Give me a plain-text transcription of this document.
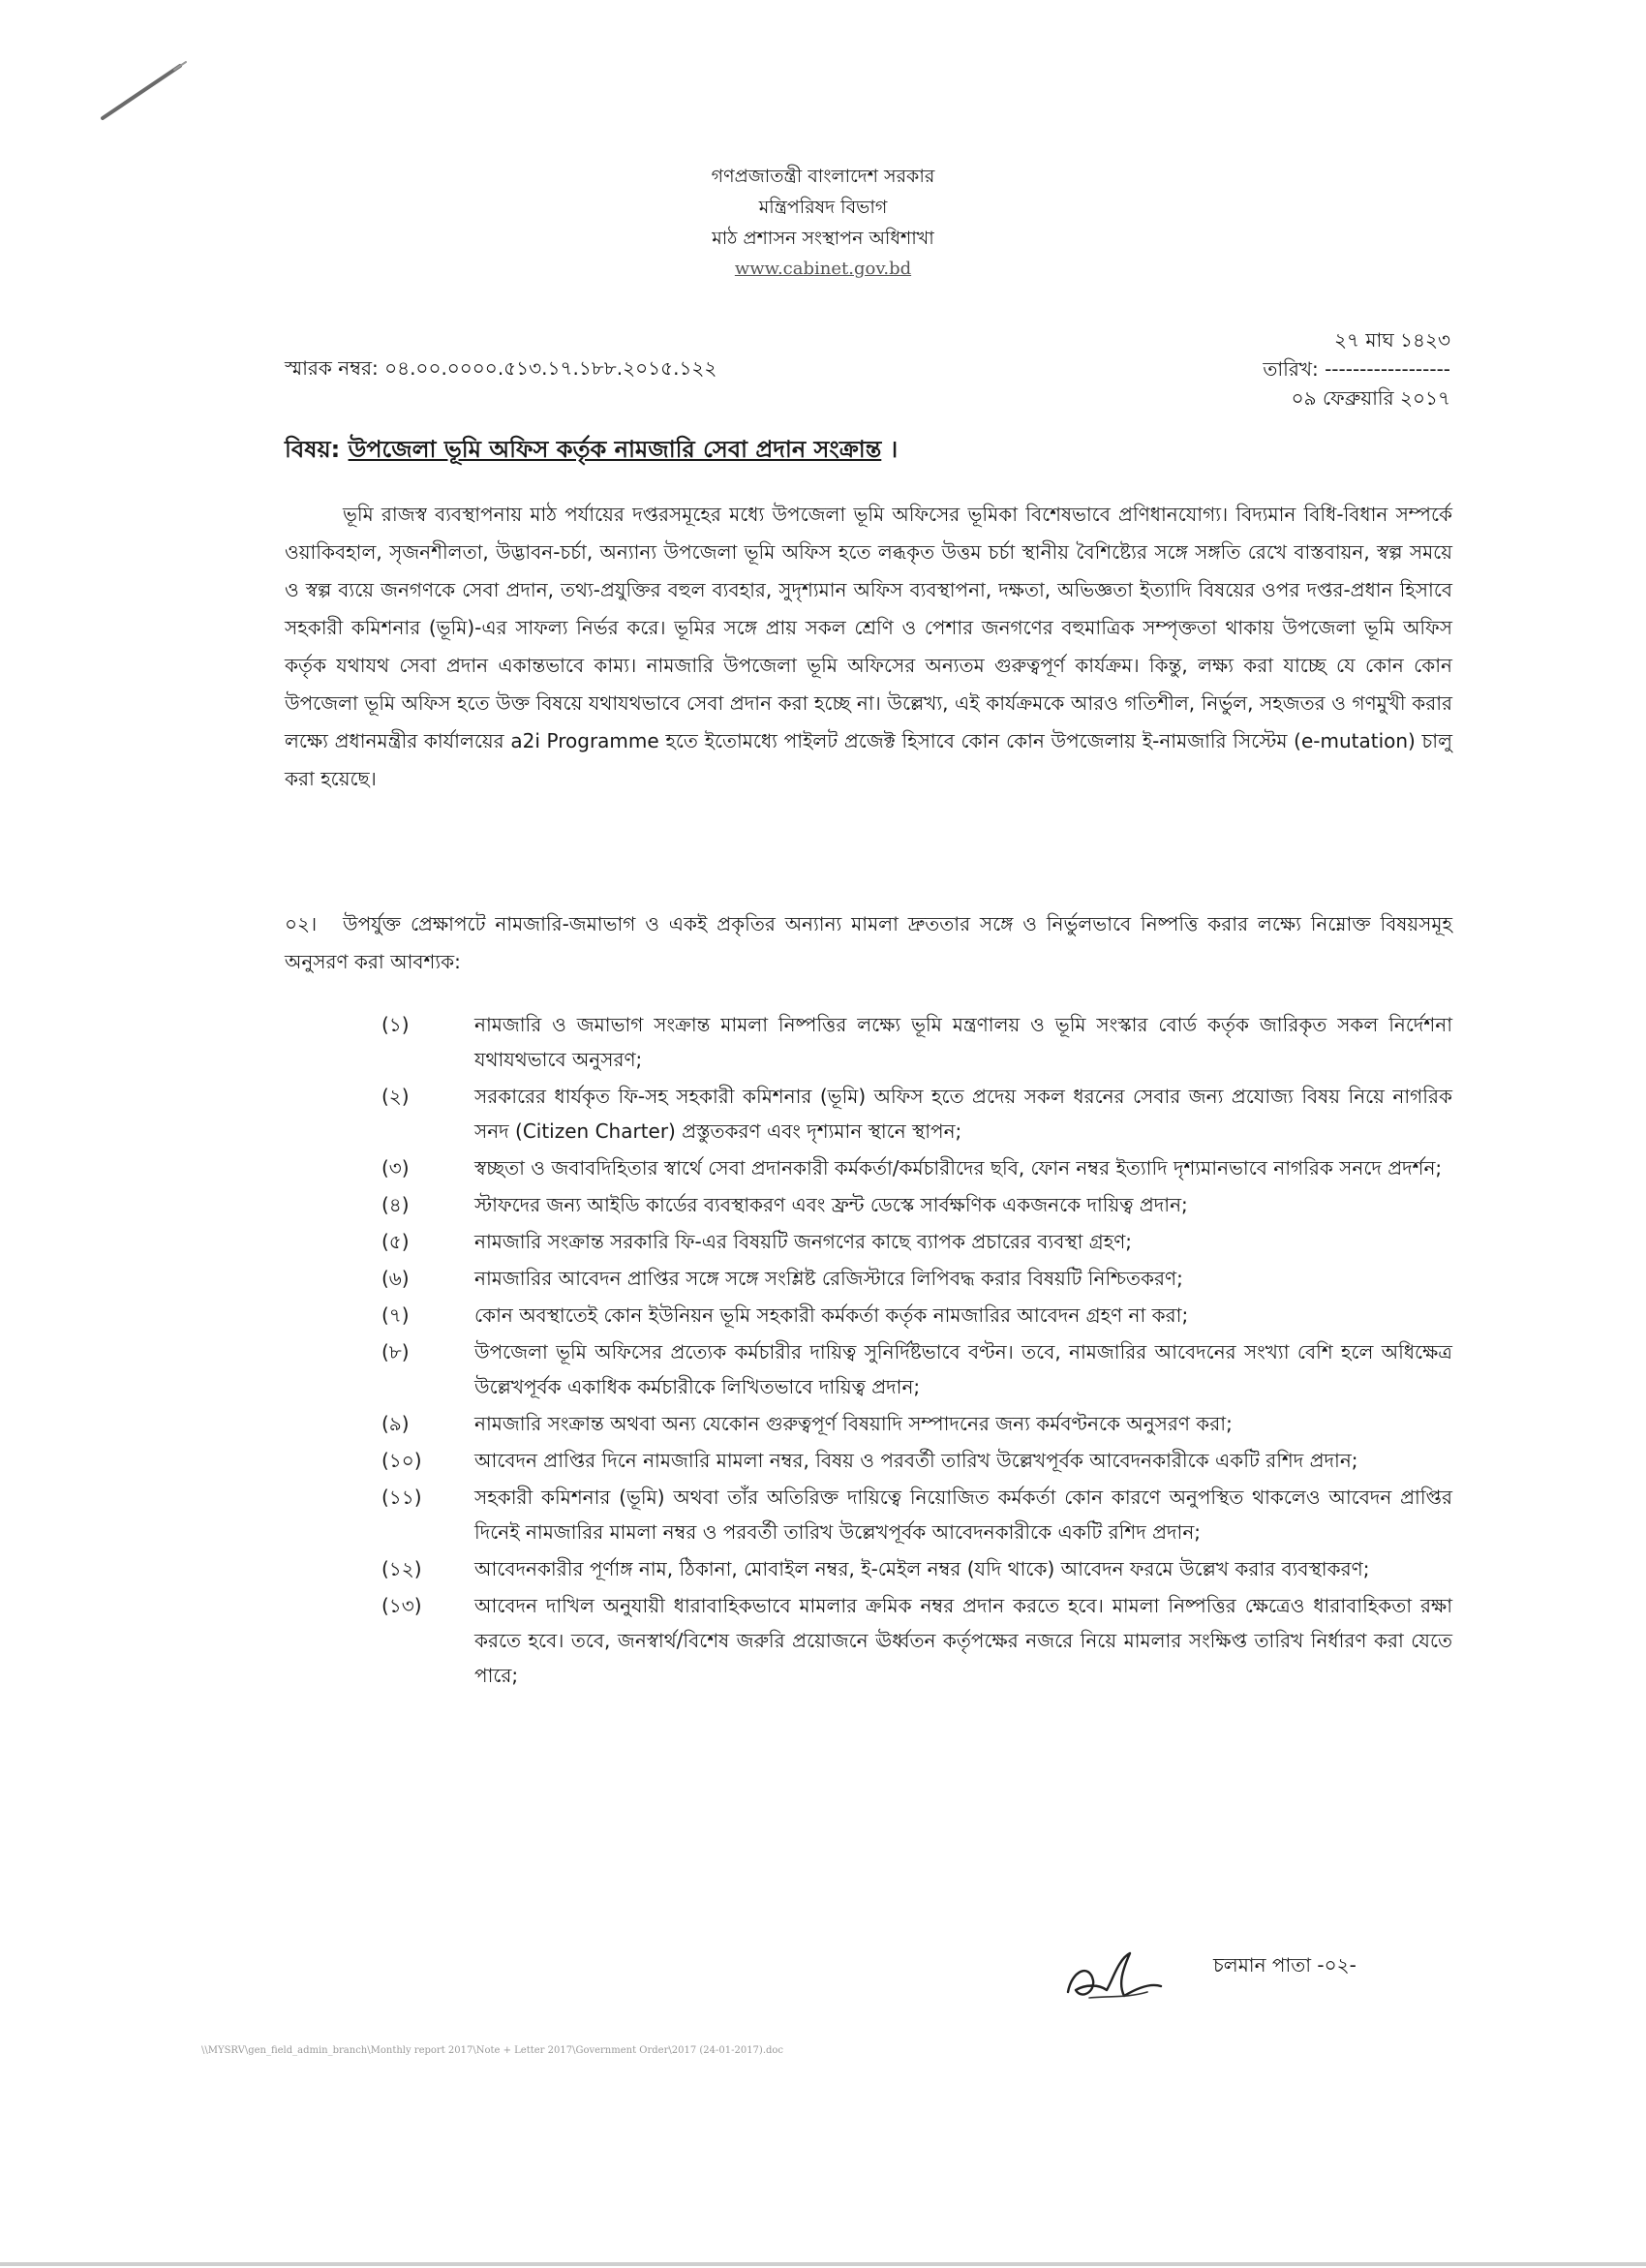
গণপ্রজাতন্ত্রী বাংলাদেশ সরকার
মন্ত্রিপরিষদ বিভাগ
মাঠ প্রশাসন সংস্থাপন অধিশাখা
www.cabinet.gov.bd
স্মারক নম্বর: ০৪.০০.০০০০.৫১৩.১৭.১৮৮.২০১৫.১২২
২৭ মাঘ ১৪২৩
তারিখ: ------------------
০৯ ফেব্রুয়ারি ২০১৭
বিষয়: উপজেলা ভূমি অফিস কর্তৃক নামজারি সেবা প্রদান সংক্রান্ত ।
ভূমি রাজস্ব ব্যবস্থাপনায় মাঠ পর্যায়ের দপ্তরসমূহের মধ্যে উপজেলা ভূমি অফিসের ভূমিকা বিশেষভাবে প্রণিধানযোগ্য। বিদ্যমান বিধি-বিধান সম্পর্কে ওয়াকিবহাল, সৃজনশীলতা, উদ্ভাবন-চর্চা, অন্যান্য উপজেলা ভূমি অফিস হতে লব্ধকৃত উত্তম চর্চা স্থানীয় বৈশিষ্ট্যের সঙ্গে সঙ্গতি রেখে বাস্তবায়ন, স্বল্প সময়ে ও স্বল্প ব্যয়ে জনগণকে সেবা প্রদান, তথ্য-প্রযুক্তির বহুল ব্যবহার, সুদৃশ্যমান অফিস ব্যবস্থাপনা, দক্ষতা, অভিজ্ঞতা ইত্যাদি বিষয়ের ওপর দপ্তর-প্রধান হিসাবে সহকারী কমিশনার (ভূমি)-এর সাফল্য নির্ভর করে। ভূমির সঙ্গে প্রায় সকল শ্রেণি ও পেশার জনগণের বহুমাত্রিক সম্পৃক্ততা থাকায় উপজেলা ভূমি অফিস কর্তৃক যথাযথ সেবা প্রদান একান্তভাবে কাম্য। নামজারি উপজেলা ভূমি অফিসের অন্যতম গুরুত্বপূর্ণ কার্যক্রম। কিন্তু, লক্ষ্য করা যাচ্ছে যে কোন কোন উপজেলা ভূমি অফিস হতে উক্ত বিষয়ে যথাযথভাবে সেবা প্রদান করা হচ্ছে না। উল্লেখ্য, এই কার্যক্রমকে আরও গতিশীল, নির্ভুল, সহজতর ও গণমুখী করার লক্ষ্যে প্রধানমন্ত্রীর কার্যালয়ের a2i Programme হতে ইতোমধ্যে পাইলট প্রজেক্ট হিসাবে কোন কোন উপজেলায় ই-নামজারি সিস্টেম (e-mutation) চালু করা হয়েছে।
০২। উপর্যুক্ত প্রেক্ষাপটে নামজারি-জমাভাগ ও একই প্রকৃতির অন্যান্য মামলা দ্রুততার সঙ্গে ও নির্ভুলভাবে নিষ্পত্তি করার লক্ষ্যে নিম্নোক্ত বিষয়সমূহ অনুসরণ করা আবশ্যক:
(১)	নামজারি ও জমাভাগ সংক্রান্ত মামলা নিষ্পত্তির লক্ষ্যে ভূমি মন্ত্রণালয় ও ভূমি সংস্কার বোর্ড কর্তৃক জারিকৃত সকল নির্দেশনা যথাযথভাবে অনুসরণ;
(২)	সরকারের ধার্যকৃত ফি-সহ সহকারী কমিশনার (ভূমি) অফিস হতে প্রদেয় সকল ধরনের সেবার জন্য প্রযোজ্য বিষয় নিয়ে নাগরিক সনদ (Citizen Charter) প্রস্তুতকরণ এবং দৃশ্যমান স্থানে স্থাপন;
(৩)	স্বচ্ছতা ও জবাবদিহিতার স্বার্থে সেবা প্রদানকারী কর্মকর্তা/কর্মচারীদের ছবি, ফোন নম্বর ইত্যাদি দৃশ্যমানভাবে নাগরিক সনদে প্রদর্শন;
(৪)	স্টাফদের জন্য আইডি কার্ডের ব্যবস্থাকরণ এবং ফ্রন্ট ডেস্কে সার্বক্ষণিক একজনকে দায়িত্ব প্রদান;
(৫)	নামজারি সংক্রান্ত সরকারি ফি-এর বিষয়টি জনগণের কাছে ব্যাপক প্রচারের ব্যবস্থা গ্রহণ;
(৬)	নামজারির আবেদন প্রাপ্তির সঙ্গে সঙ্গে সংশ্লিষ্ট রেজিস্টারে লিপিবদ্ধ করার বিষয়টি নিশ্চিতকরণ;
(৭)	কোন অবস্থাতেই কোন ইউনিয়ন ভূমি সহকারী কর্মকর্তা কর্তৃক নামজারির আবেদন গ্রহণ না করা;
(৮)	উপজেলা ভূমি অফিসের প্রত্যেক কর্মচারীর দায়িত্ব সুনির্দিষ্টভাবে বণ্টন। তবে, নামজারির আবেদনের সংখ্যা বেশি হলে অধিক্ষেত্র উল্লেখপূর্বক একাধিক কর্মচারীকে লিখিতভাবে দায়িত্ব প্রদান;
(৯)	নামজারি সংক্রান্ত অথবা অন্য যেকোন গুরুত্বপূর্ণ বিষয়াদি সম্পাদনের জন্য কর্মবণ্টনকে অনুসরণ করা;
(১০)	আবেদন প্রাপ্তির দিনে নামজারি মামলা নম্বর, বিষয় ও পরবর্তী তারিখ উল্লেখপূর্বক আবেদনকারীকে একটি রশিদ প্রদান;
(১১)	সহকারী কমিশনার (ভূমি) অথবা তাঁর অতিরিক্ত দায়িত্বে নিয়োজিত কর্মকর্তা কোন কারণে অনুপস্থিত থাকলেও আবেদন প্রাপ্তির দিনেই নামজারির মামলা নম্বর ও পরবর্তী তারিখ উল্লেখপূর্বক আবেদনকারীকে একটি রশিদ প্রদান;
(১২)	আবেদনকারীর পূর্ণাঙ্গ নাম, ঠিকানা, মোবাইল নম্বর, ই-মেইল নম্বর (যদি থাকে) আবেদন ফরমে উল্লেখ করার ব্যবস্থাকরণ;
(১৩)	আবেদন দাখিল অনুযায়ী ধারাবাহিকভাবে মামলার ক্রমিক নম্বর প্রদান করতে হবে। মামলা নিষ্পত্তির ক্ষেত্রেও ধারাবাহিকতা রক্ষা করতে হবে। তবে, জনস্বার্থ/বিশেষ জরুরি প্রয়োজনে ঊর্ধ্বতন কর্তৃপক্ষের নজরে নিয়ে মামলার সংক্ষিপ্ত তারিখ নির্ধারণ করা যেতে পারে;
চলমান পাতা -০২-
\\MYSRV\gen_field_admin_branch\Monthly report 2017\Note + Letter 2017\Government Order\2017 (24-01-2017).doc
